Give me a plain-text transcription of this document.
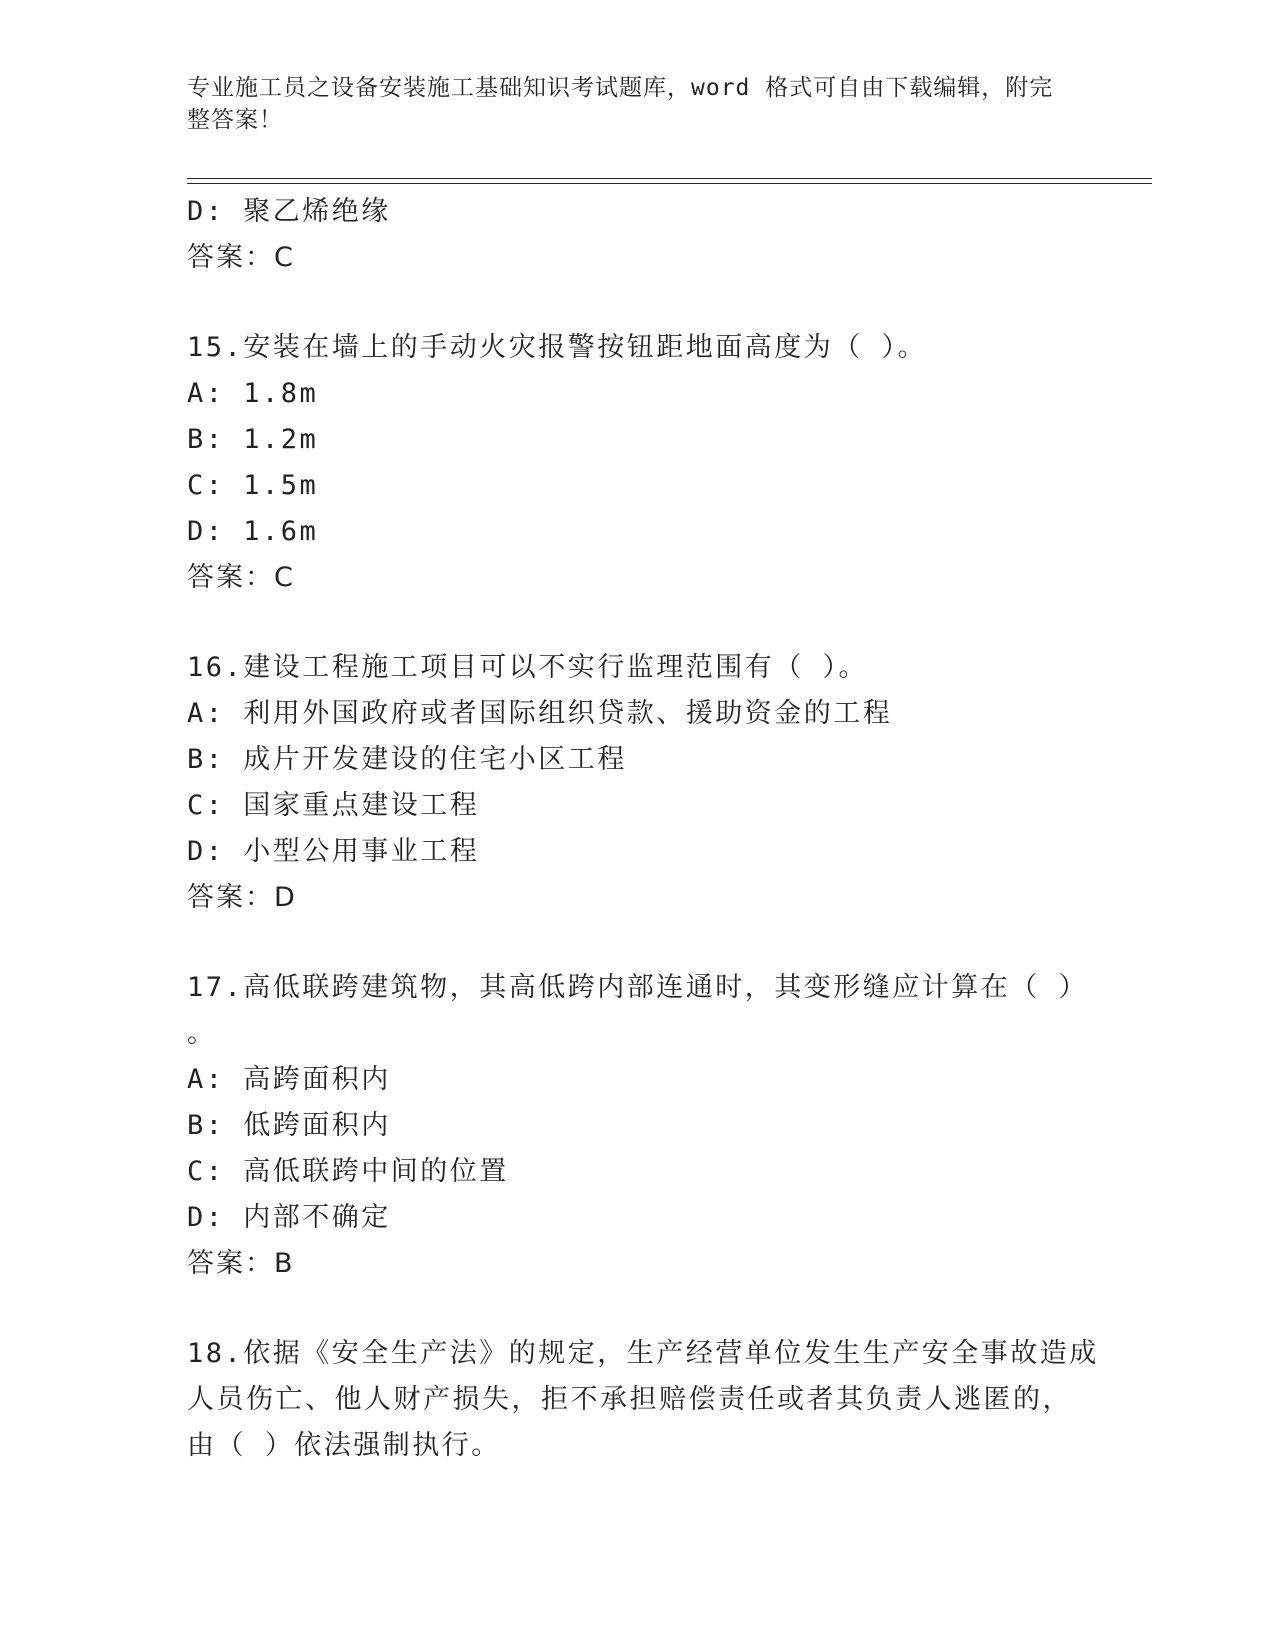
专业施工员之设备安装施工基础知识考试题库，word 格式可自由下载编辑，附完
整答案！
D: 聚乙烯绝缘
答案：C
15.安装在墙上的手动火灾报警按钮距地面高度为（ ）。
A: 1.8m
B: 1.2m
C: 1.5m
D: 1.6m
答案：C
16.建设工程施工项目可以不实行监理范围有（ ）。
A: 利用外国政府或者国际组织贷款、援助资金的工程
B: 成片开发建设的住宅小区工程
C: 国家重点建设工程
D: 小型公用事业工程
答案：D
17.高低联跨建筑物，其高低跨内部连通时，其变形缝应计算在（ ）
。
A: 高跨面积内
B: 低跨面积内
C: 高低联跨中间的位置
D: 内部不确定
答案：B
18.依据《安全生产法》的规定，生产经营单位发生生产安全事故造成
人员伤亡、他人财产损失，拒不承担赔偿责任或者其负责人逃匿的，
由（ ）依法强制执行。
